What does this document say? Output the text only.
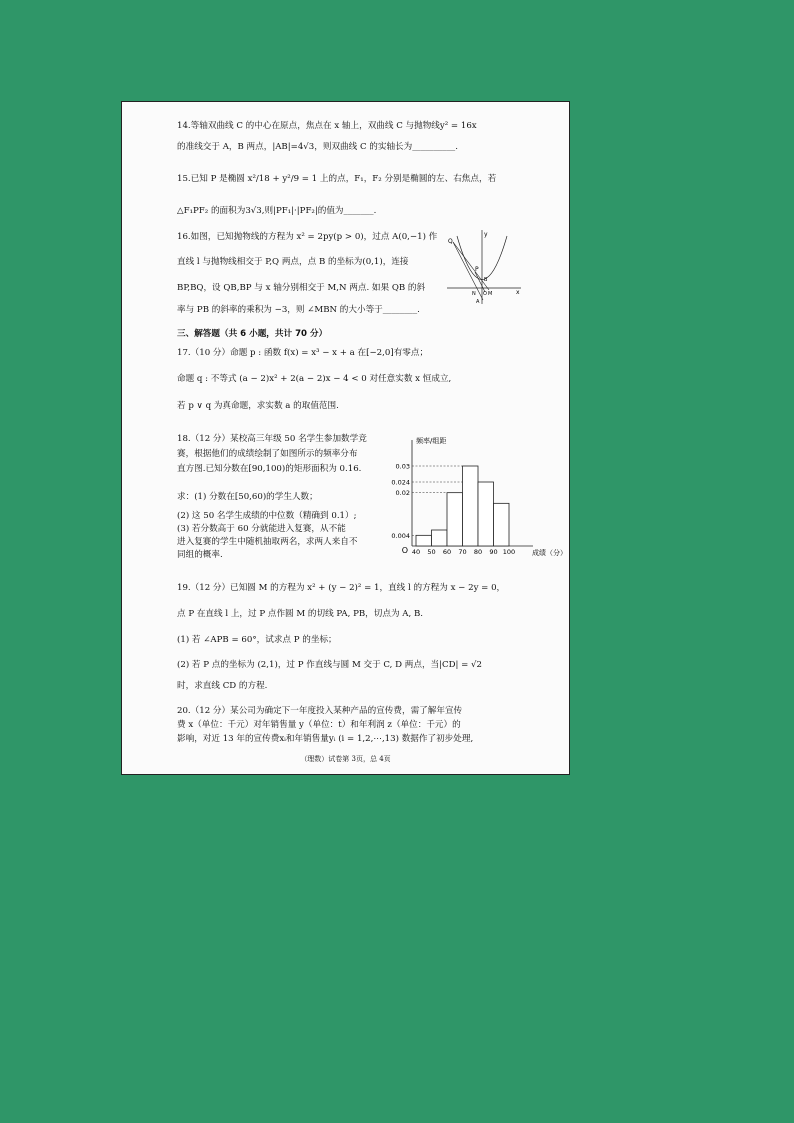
14.等轴双曲线 C 的中心在原点，焦点在 x 轴上，双曲线 C 与抛物线y² = 16x
的准线交于 A，B 两点，|AB|=4√3，则双曲线 C 的实轴长为__________.
15.已知 P 是椭圆 x²/18 + y²/9 = 1 上的点，F₁，F₂ 分别是椭圆的左、右焦点，若
△F₁PF₂ 的面积为3√3,则|PF₁|·|PF₂|的值为_______.
16.如图，已知抛物线的方程为 x² = 2py(p > 0)，过点 A(0,−1) 作
直线 l 与抛物线相交于 P,Q 两点，点 B 的坐标为(0,1)，连接
BP,BQ，设 QB,BP 与 x 轴分别相交于 M,N 两点. 如果 QB 的斜
率与 PB 的斜率的乘积为 −3，则 ∠MBN 的大小等于________.
Q
P
y
x
N O M
A
B
三、解答题（共 6 小题，共计 70 分）
17.（10 分）命题 p : 函数 f(x) = x³ − x + a 在[−2,0]有零点；
命题 q : 不等式 (a − 2)x² + 2(a − 2)x − 4 < 0 对任意实数 x 恒成立,
若 p ∨ q 为真命题，求实数 a 的取值范围.
18.（12 分）某校高三年级 50 名学生参加数学竞
赛，根据他们的成绩绘制了如图所示的频率分布
直方图.已知分数在[90,100)的矩形面积为 0.16.
求：(1) 分数在[50,60)的学生人数；
(2) 这 50 名学生成绩的中位数（精确到 0.1）;
(3) 若分数高于 60 分就能进入复赛，从不能
进入复赛的学生中随机抽取两名，求两人来自不
同组的概率.
频率/组距
成绩（分）
O
0.004
0.02
0.024
0.03
40 50 60 70 80 90 100
19.（12 分）已知圆 M 的方程为 x² + (y − 2)² = 1，直线 l 的方程为 x − 2y = 0，
点 P 在直线 l 上，过 P 点作圆 M 的切线 PA, PB，切点为 A, B.
(1) 若 ∠APB = 60°，试求点 P 的坐标；
(2) 若 P 点的坐标为 (2,1)，过 P 作直线与圆 M 交于 C, D 两点，当|CD| = √2
时，求直线 CD 的方程.
20.（12 分）某公司为确定下一年度投入某种产品的宣传费，需了解年宣传
费 x（单位：千元）对年销售量 y（单位：t）和年利润 z（单位：千元）的
影响，对近 13 年的宣传费xᵢ和年销售量yᵢ (i = 1,2,⋯,13) 数据作了初步处理,
（理数）试卷第 3页，总 4页
